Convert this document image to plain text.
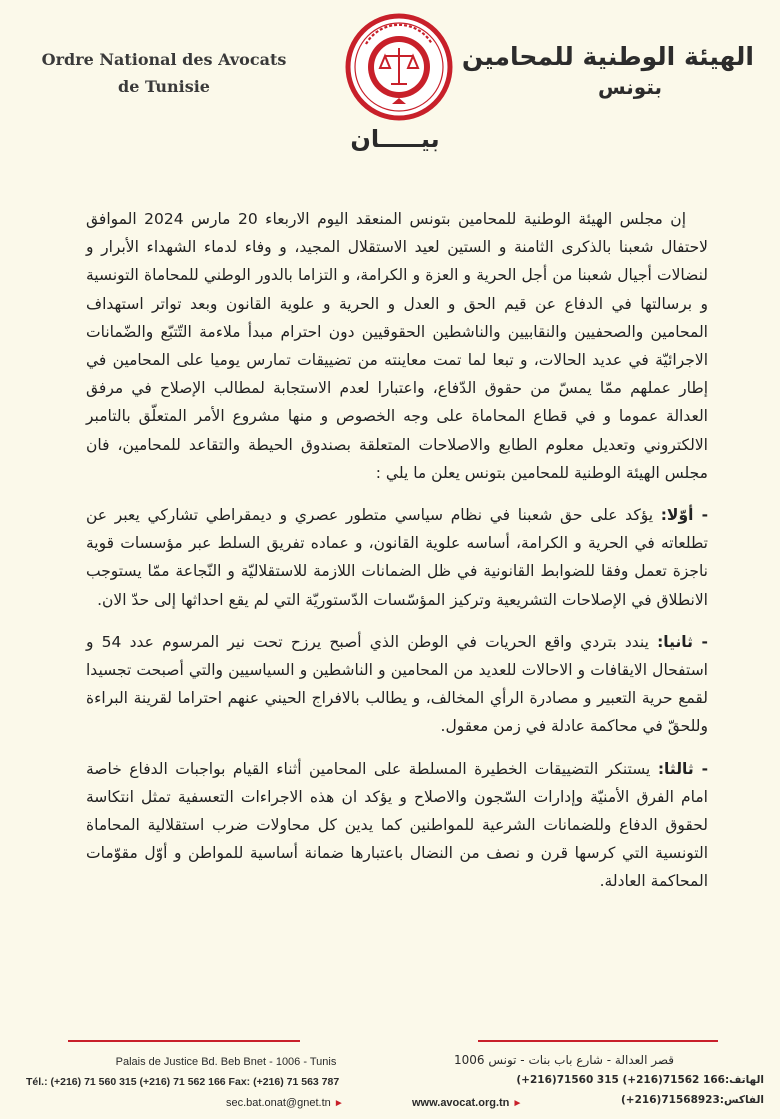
Ordre National des Avocats
de Tunisie
الهيئة الوطنية للمحامين
بتونس
بيـــــان

إن مجلس الهيئة الوطنية للمحامين بتونس المنعقد اليوم الاربعاء 20 مارس 2024 الموافق لاحتفال شعبنا بالذكرى الثامنة و الستين لعيد الاستقلال المجيد، و وفاء لدماء الشهداء الأبرار و لنضالات أجيال شعبنا من أجل الحرية و العزة و الكرامة، و التزاما بالدور الوطني للمحاماة التونسية و برسالتها في الدفاع عن قيم الحق و العدل و الحرية و علوية القانون وبعد تواتر استهداف المحامين والصحفيين والنقابيين والناشطين الحقوقيين دون احترام مبدأ ملاءمة التّتبّع والضّمانات الاجرائيّة في عديد الحالات، و تبعا لما تمت معاينته من تضييقات تمارس يوميا على المحامين في إطار عملهم ممّا يمسّ من حقوق الدّفاع، واعتبارا لعدم الاستجابة لمطالب الإصلاح في مرفق العدالة عموما و في قطاع المحاماة على وجه الخصوص و منها مشروع الأمر المتعلّق بالتامبر الالكتروني وتعديل معلوم الطابع والاصلاحات المتعلقة بصندوق الحيطة والتقاعد للمحامين، فان مجلس الهيئة الوطنية للمحامين بتونس يعلن ما يلي :

- أوّلا: يؤكد على حق شعبنا في نظام سياسي متطور عصري و ديمقراطي تشاركي يعبر عن تطلعاته في الحرية و الكرامة، أساسه علوية القانون، و عماده تفريق السلط عبر مؤسسات قوية ناجزة تعمل وفقا للضوابط القانونية في ظل الضمانات اللازمة للاستقلاليّة و النّجاعة ممّا يستوجب الانطلاق في الإصلاحات التشريعية وتركيز المؤسّسات الدّستوريّة التي لم يقع احداثها إلى حدّ الان.

- ثانيا: يندد بتردي واقع الحريات في الوطن الذي أصبح يرزح تحت نير المرسوم عدد 54 و استفحال الايقافات و الاحالات للعديد من المحامين و الناشطين و السياسيين والتي أصبحت تجسيدا لقمع حرية التعبير و مصادرة الرأي المخالف، و يطالب بالافراج الحيني عنهم احتراما لقرينة البراءة وللحقّ في محاكمة عادلة في زمن معقول.

- ثالثا: يستنكر التضييقات الخطيرة المسلطة على المحامين أثناء القيام بواجبات الدفاع خاصة امام الفرق الأمنيّة وإدارات السّجون والاصلاح و يؤكد ان هذه الاجراءات التعسفية تمثل انتكاسة لحقوق الدفاع وللضمانات الشرعية للمواطنين كما يدين كل محاولات ضرب استقلالية المحاماة التونسية التي كرسها قرن و نصف من النضال باعتبارها ضمانة أساسية للمواطن و أوّل مقوّمات المحاكمة العادلة.

Palais de Justice Bd. Beb Bnet - 1006 - Tunis
Tél.: (+216) 71 560 315 (+216) 71 562 166 Fax: (+216) 71 563 787
قصر العدالة - شارع باب بنات - تونس 1006
الهاتف:166 71562(216+) 315 71560(216+) الفاكس:71568923(216+)
sec.bat.onat@gnet.tn ►	www.avocat.org.tn ►
